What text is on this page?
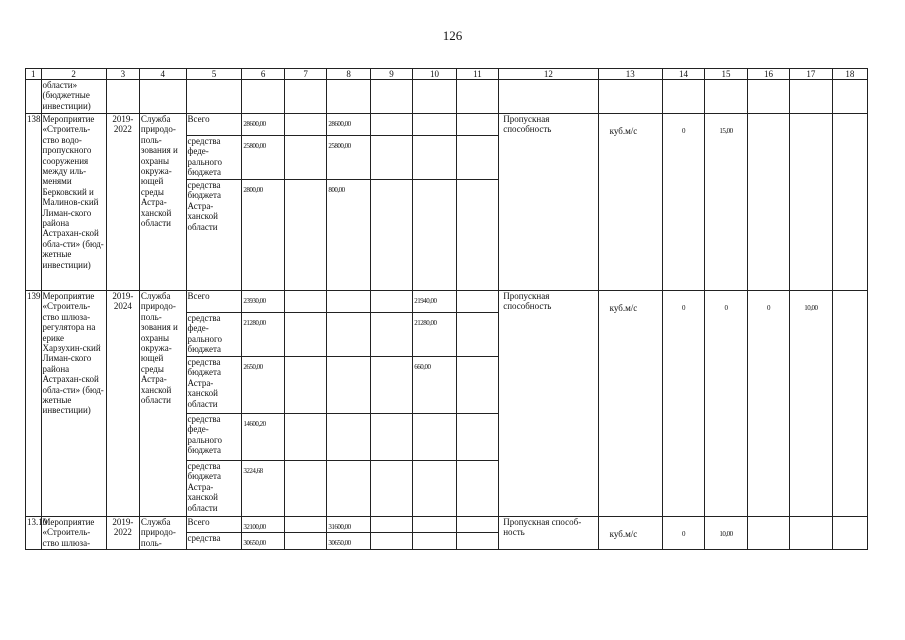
126
1	2	3	4	5	6	7	8	9	10	11	12	13	14	15	16	17	18
	области» (бюджетные инвестиции)																
138	Мероприятие «Строитель-ство водо-пропускного сооружения между иль-менями Берковский и Малинов-ский Лиман-ского района Астрахан-ской обла-сти» (бюд-жетные инвестиции)	2019-2022	Служба природо-поль-зования и охраны окружа-ющей среды Астра-ханской области	Всего	28600,00		28600,00				Пропускная способность	куб.м/с	0	15,00			

				средства феде-рального бюджета	25800,00		25800,00										

				средства бюджета Астра-ханской области	2800,00		800,00										

139	Мероприятие «Строитель-ство шлюза-регулятора на ерике Харзухин-ский Лиман-ского района Астрахан-ской обла-сти» (бюд-жетные инвестиции)	2019-2024	Служба природо-поль-зования и охраны окружа-ющей среды Астра-ханской области	Всего	23930,00				21940,00		Пропускная способность	куб.м/с	0	0	0	10,00	

				средства феде-рального бюджета	21280,00				21280,00								

				средства бюджета Астра-ханской области	2650,00				660,00								

				средства феде-рального бюджета	14600,20												

				средства бюджета Астра-ханской области	3224,68												

13.10	Мероприятие «Строитель-ство шлюза-	2019-2022	Служба природо-поль-	Всего	32100,00		31600,00				Пропускная способ-ность	куб.м/с	0	10,00			

				средства	30650,00		30650,00										
